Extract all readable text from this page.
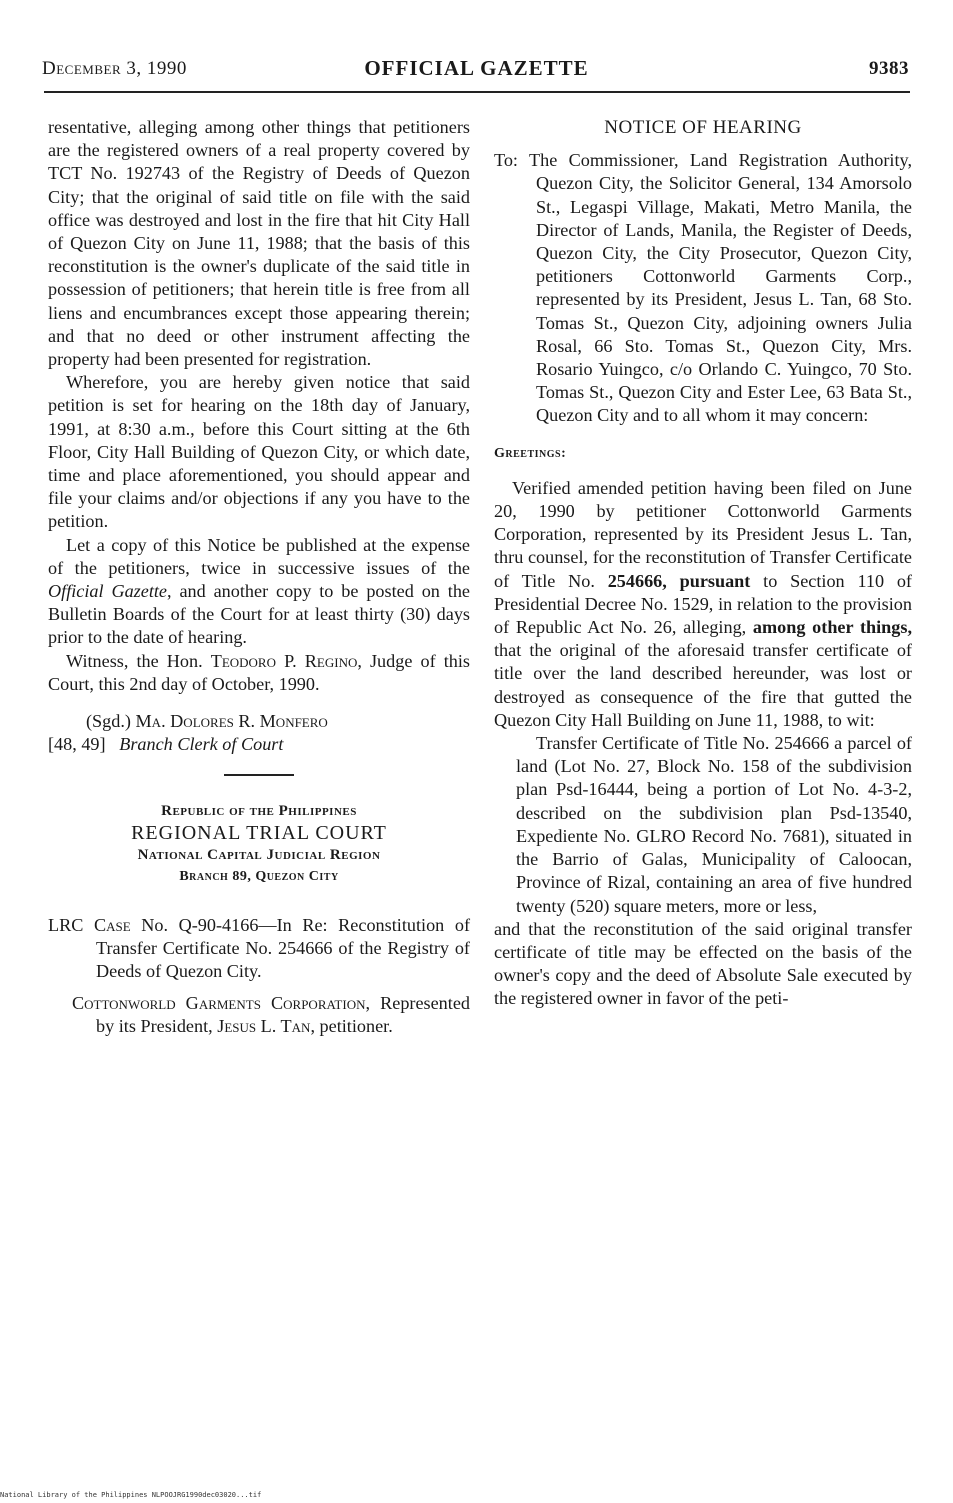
December 3, 1990	OFFICIAL GAZETTE	9383

resentative, alleging among other things that petitioners are the registered owners of a real property covered by TCT No. 192743 of the Registry of Deeds of Quezon City; that the original of said title on file with the said office was destroyed and lost in the fire that hit City Hall of Quezon City on June 11, 1988; that the basis of this reconstitution is the owner's duplicate of the said title in possession of petitioners; that herein title is free from all liens and encumbrances except those appearing therein; and that no deed or other instrument affecting the property had been presented for registration.

Wherefore, you are hereby given notice that said petition is set for hearing on the 18th day of January, 1991, at 8:30 a.m., before this Court sitting at the 6th Floor, City Hall Building of Quezon City, or which date, time and place aforementioned, you should appear and file your claims and/or objections if any you have to the petition.

Let a copy of this Notice be published at the expense of the petitioners, twice in successive issues of the Official Gazette, and another copy to be posted on the Bulletin Boards of the Court for at least thirty (30) days prior to the date of hearing.

Witness, the Hon. Teodoro P. Regino, Judge of this Court, this 2nd day of October, 1990.

(Sgd.) Ma. Dolores R. Monfero
[48, 49] Branch Clerk of Court
Republic of the Philippines
REGIONAL TRIAL COURT
National Capital Judicial Region
Branch 89, Quezon City

LRC Case No. Q-90-4166—In Re: Reconstitution of Transfer Certificate No. 254666 of the Registry of Deeds of Quezon City.

Cottonworld Garments Corporation, Represented by its President, Jesus L. Tan, petitioner.

NOTICE OF HEARING

To: The Commissioner, Land Registration Authority, Quezon City, the Solicitor General, 134 Amorsolo St., Legaspi Village, Makati, Metro Manila, the Director of Lands, Manila, the Register of Deeds, Quezon City, the City Prosecutor, Quezon City, petitioners Cottonworld Garments Corp., represented by its President, Jesus L. Tan, 68 Sto. Tomas St., Quezon City, adjoining owners Julia Rosal, 66 Sto. Tomas St., Quezon City, Mrs. Rosario Yuingco, c/o Orlando C. Yuingco, 70 Sto. Tomas St., Quezon City and Ester Lee, 63 Bata St., Quezon City and to all whom it may concern:

Greetings:

Verified amended petition having been filed on June 20, 1990 by petitioner Cottonworld Garments Corporation, represented by its President Jesus L. Tan, thru counsel, for the reconstitution of Transfer Certificate of Title No. 254666, pursuant to Section 110 of Presidential Decree No. 1529, in relation to the provision of Republic Act No. 26, alleging, among other things, that the original of the aforesaid transfer certificate of title over the land described hereunder, was lost or destroyed as consequence of the fire that gutted the Quezon City Hall Building on June 11, 1988, to wit:

Transfer Certificate of Title No. 254666 a parcel of land (Lot No. 27, Block No. 158 of the subdivision plan Psd-16444, being a portion of Lot No. 4-3-2, described on the subdivision plan Psd-13540, Expediente No. GLRO Record No. 7681), situated in the Barrio of Galas, Municipality of Caloocan, Province of Rizal, containing an area of five hundred twenty (520) square meters, more or less,

and that the reconstitution of the said original transfer certificate of title may be effected on the basis of the owner's copy and the deed of Absolute Sale executed by the registered owner in favor of the peti-

National Library of the Philippines NLPOOJRG1990dec03020...tif
